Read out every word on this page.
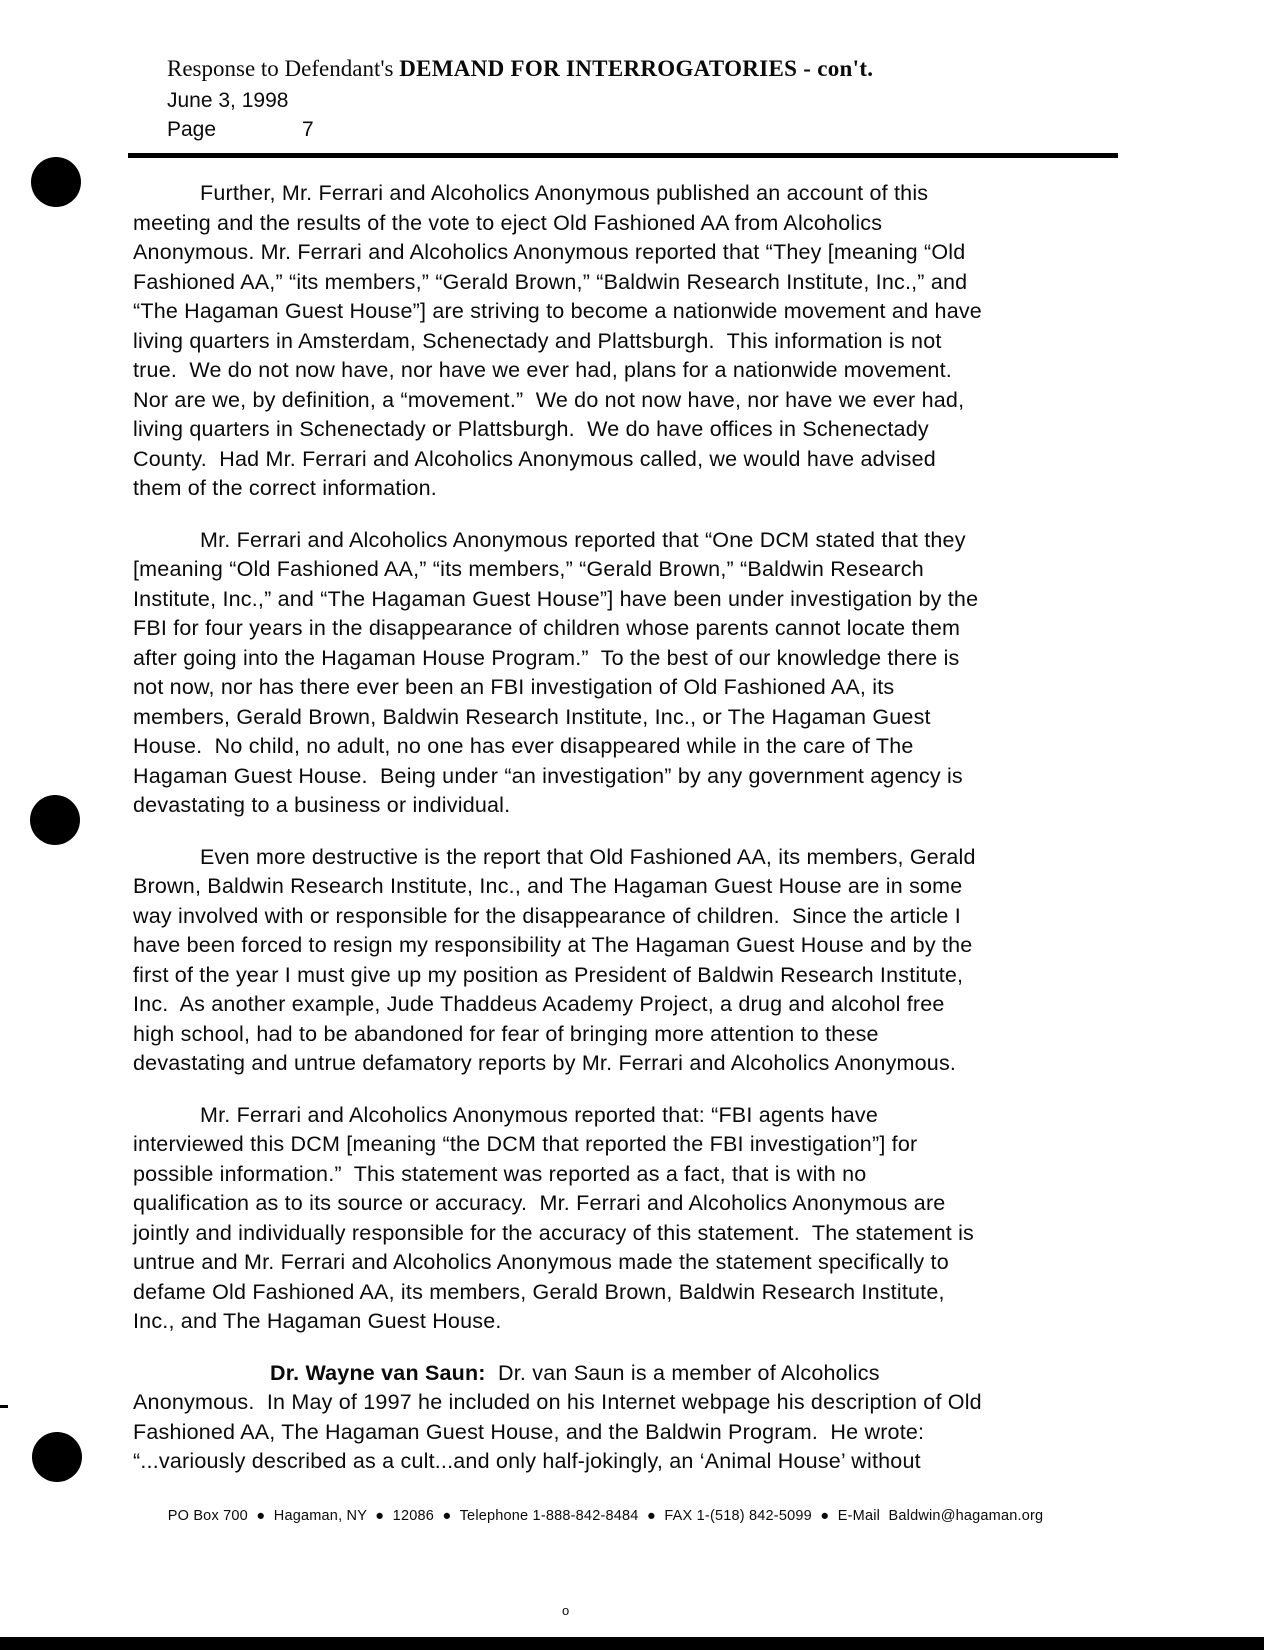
Response to Defendant's DEMAND FOR INTERROGATORIES - con't.
June 3, 1998
Page	7
Further, Mr. Ferrari and Alcoholics Anonymous published an account of this
meeting and the results of the vote to eject Old Fashioned AA from Alcoholics
Anonymous. Mr. Ferrari and Alcoholics Anonymous reported that “They [meaning “Old
Fashioned AA,” “its members,” “Gerald Brown,” “Baldwin Research Institute, Inc.,” and
“The Hagaman Guest House”] are striving to become a nationwide movement and have
living quarters in Amsterdam, Schenectady and Plattsburgh.  This information is not
true.  We do not now have, nor have we ever had, plans for a nationwide movement.
Nor are we, by definition, a “movement.”  We do not now have, nor have we ever had,
living quarters in Schenectady or Plattsburgh.  We do have offices in Schenectady
County.  Had Mr. Ferrari and Alcoholics Anonymous called, we would have advised
them of the correct information.
Mr. Ferrari and Alcoholics Anonymous reported that “One DCM stated that they
[meaning “Old Fashioned AA,” “its members,” “Gerald Brown,” “Baldwin Research
Institute, Inc.,” and “The Hagaman Guest House”] have been under investigation by the
FBI for four years in the disappearance of children whose parents cannot locate them
after going into the Hagaman House Program.”  To the best of our knowledge there is
not now, nor has there ever been an FBI investigation of Old Fashioned AA, its
members, Gerald Brown, Baldwin Research Institute, Inc., or The Hagaman Guest
House.  No child, no adult, no one has ever disappeared while in the care of The
Hagaman Guest House.  Being under “an investigation” by any government agency is
devastating to a business or individual.
Even more destructive is the report that Old Fashioned AA, its members, Gerald
Brown, Baldwin Research Institute, Inc., and The Hagaman Guest House are in some
way involved with or responsible for the disappearance of children.  Since the article I
have been forced to resign my responsibility at The Hagaman Guest House and by the
first of the year I must give up my position as President of Baldwin Research Institute,
Inc.  As another example, Jude Thaddeus Academy Project, a drug and alcohol free
high school, had to be abandoned for fear of bringing more attention to these
devastating and untrue defamatory reports by Mr. Ferrari and Alcoholics Anonymous.
Mr. Ferrari and Alcoholics Anonymous reported that: “FBI agents have
interviewed this DCM [meaning “the DCM that reported the FBI investigation”] for
possible information.”  This statement was reported as a fact, that is with no
qualification as to its source or accuracy.  Mr. Ferrari and Alcoholics Anonymous are
jointly and individually responsible for the accuracy of this statement.  The statement is
untrue and Mr. Ferrari and Alcoholics Anonymous made the statement specifically to
defame Old Fashioned AA, its members, Gerald Brown, Baldwin Research Institute,
Inc., and The Hagaman Guest House.
Dr. Wayne van Saun:  Dr. van Saun is a member of Alcoholics
Anonymous.  In May of 1997 he included on his Internet webpage his description of Old
Fashioned AA, The Hagaman Guest House, and the Baldwin Program.  He wrote:
“...variously described as a cult...and only half-jokingly, an ‘Animal House’ without
PO Box 700  ●  Hagaman, NY  ●  12086  ●  Telephone 1-888-842-8484  ●  FAX 1-(518) 842-5099  ●  E-Mail  Baldwin@hagaman.org
o
